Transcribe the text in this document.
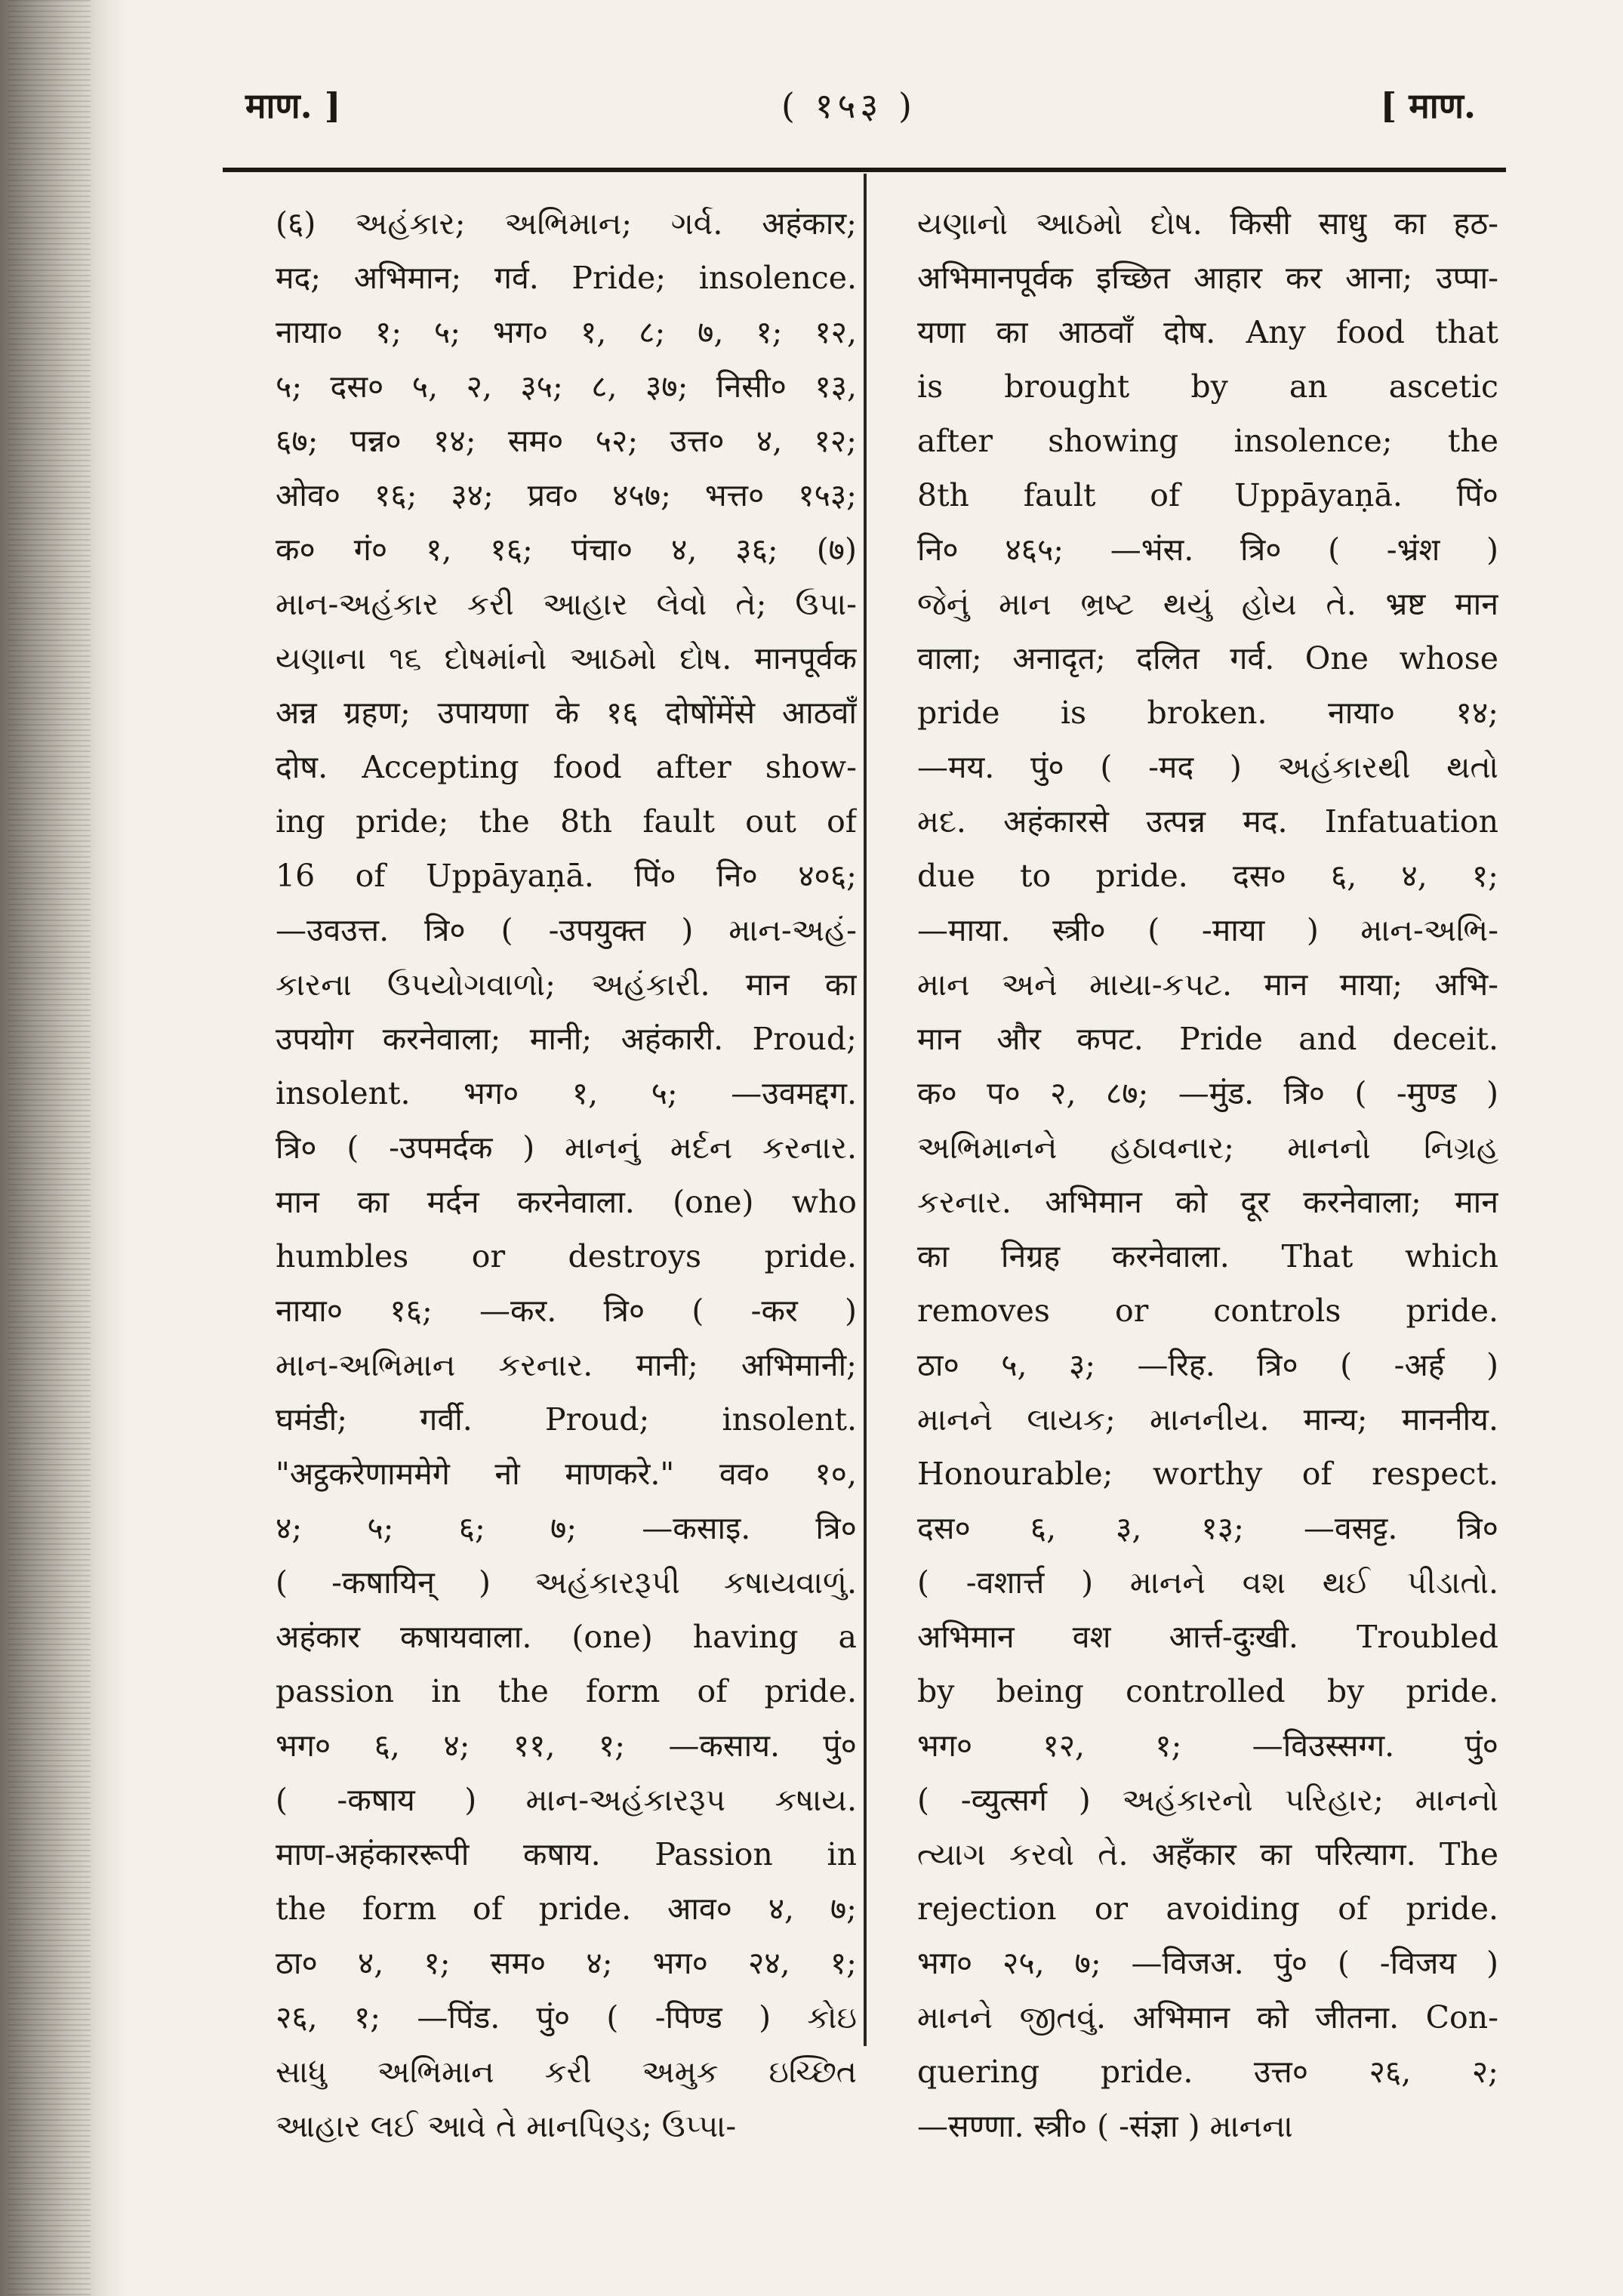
माण. ]	( १५३ )	[ माण.
(६) અહંકાર; અભિમાન; ગર્વ. अहंकार;
मद; अभिमान; गर्व. Pride; insolence.
नाया० १; ५; भग० १, ८; ७, १; १२,
५; दस० ५, २, ३५; ८, ३७; निसी० १३,
६७; पन्न० १४; सम० ५२; उत्त० ४, १२;
ओव० १६; ३४; प्रव० ४५७; भत्त० १५३;
क० गं० १, १६; पंचा० ४, ३६; (७)
માન-અહંકાર કરી આહાર લેવો તે; ઉપા-
યણાના ૧૬ દોષમાંનો આઠમો દોષ. मानपूर्वक
अन्न ग्रहण; उपायणा के १६ दोषोंमेंसे आठवाँ
दोष. Accepting food after show-
ing pride; the 8th fault out of
16 of Uppāyaṇā. पिं० नि० ४०६;
—उवउत्त. त्रि० ( -उपयुक्त ) માન-અહં-
કારના ઉપયોગવાળો; અહંકારી. मान का
उपयोग करनेवाला; मानी; अहंकारी. Proud;
insolent. भग० १, ५; —उवमद्दग.
त्रि० ( -उपमर्दक ) માનનું મર્દન કરનાર.
मान का मर्दन करनेवाला. (one) who
humbles or destroys pride.
नाया० १६; —कर. त्रि० ( -कर )
માન-અભિમાન કરનાર. मानी; अभिमानी;
घमंडी; गर्वी. Proud; insolent.
"अट्ठकरेणाममेगे नो माणकरे." वव० १०,
४; ५; ६; ७; —कसाइ. त्रि०
( -कषायिन् ) અહંકારરૂપી કષાયવાળું.
अहंकार कषायवाला. (one) having a
passion in the form of pride.
भग० ६, ४; ११, १; —कसाय. पुं०
( -कषाय ) માન-અહંકારરૂપ કષાય.
माण-अहंकाररूपी कषाय. Passion in
the form of pride. आव० ४, ७;
ठा० ४, १; सम० ४; भग० २४, १;
२६, १; —पिंड. पुं० ( -पिण्ड ) કોઇ
સાધુ અભિમાન કરી અમુક ઇચ્છિત
આહાર લઈ આવે તે માનપિણ્ડ; ઉપ્પા-
યણાનો આઠમો દોષ. किसी साधु का हठ-
अभिमानपूर्वक इच्छित आहार कर आना; उप्पा-
यणा का आठवाँ दोष. Any food that
is brought by an ascetic
after showing insolence; the
8th fault of Uppāyaṇā. पिं०
नि० ४६५; —भंस. त्रि० ( -भ्रंश )
જેનું માન ભ્રષ્ટ થયું હોય તે. भ्रष्ट मान
वाला; अनादृत; दलित गर्व. One whose
pride is broken. नाया० १४;
—मय. पुं० ( -मद ) અહંકારથી થતો
મદ. अहंकारसे उत्पन्न मद. Infatuation
due to pride. दस० ६, ४, १;
—माया. स्त्री० ( -माया ) માન-અભિ-
માન અને માયા-કપટ. मान माया; अभि-
मान और कपट. Pride and deceit.
क० प० २, ८७; —मुंड. त्रि० ( -मुण्ड )
અભિમાનને હઠાવનાર; માનનો નિગ્રહ
કરનાર. अभिमान को दूर करनेवाला; मान
का निग्रह करनेवाला. That which
removes or controls pride.
ठा० ५, ३; —रिह. त्रि० ( -अर्ह )
માનને લાયક; માનનીય. मान्य; माननीय.
Honourable; worthy of respect.
दस० ६, ३, १३; —वसट्ट. त्रि०
( -वशार्त्त ) માનને વશ થઈ પીડાતો.
अभिमान वश आर्त्त-दुःखी. Troubled
by being controlled by pride.
भग० १२, १; —विउस्सग्ग. पुं०
( -व्युत्सर्ग ) અહંકારનો પરિહાર; માનનો
ત્યાગ કરવો તે. अहँकार का परित्याग. The
rejection or avoiding of pride.
भग० २५, ७; —विजअ. पुं० ( -विजय )
માનને જીતવું. अभिमान को जीतना. Con-
quering pride. उत्त० २६, २;
—सण्णा. स्त्री० ( -संज्ञा ) માનના
